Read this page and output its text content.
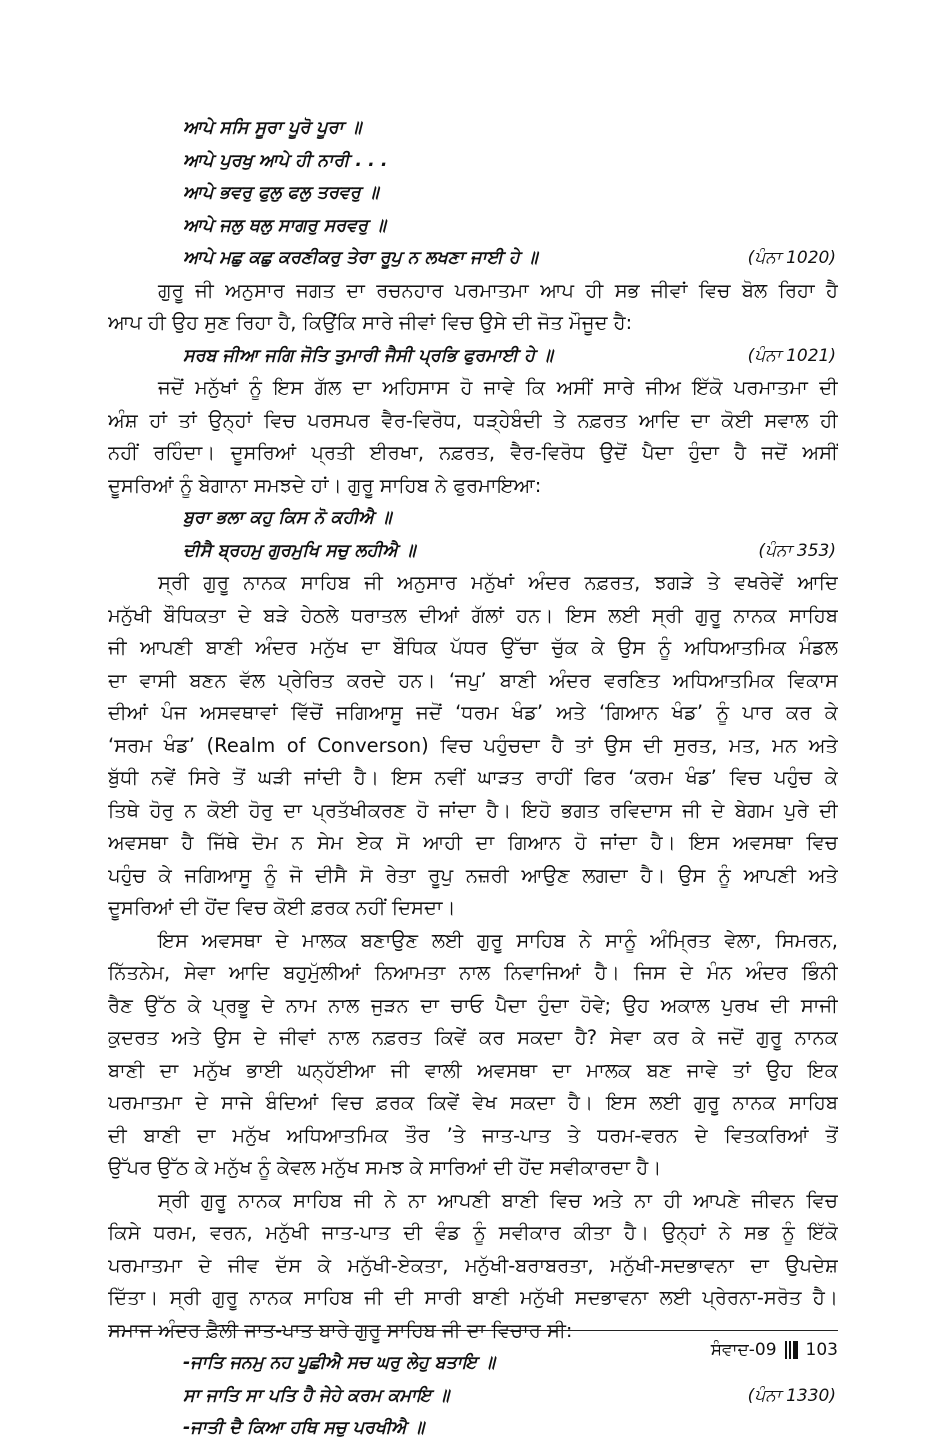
ਆਪੇ ਸਸਿ ਸੂਰਾ ਪੂਰੋ ਪੂਰਾ ॥
ਆਪੇ ਪੁਰਖੁ ਆਪੇ ਹੀ ਨਾਰੀ . . .
ਆਪੇ ਭਵਰੁ ਫੁਲੁ ਫਲੁ ਤਰਵਰੁ ॥
ਆਪੇ ਜਲੁ ਥਲੁ ਸਾਗਰੁ ਸਰਵਰੁ ॥
ਆਪੇ ਮਛੁ ਕਛੁ ਕਰਣੀਕਰੁ ਤੇਰਾ ਰੂਪੁ ਨ ਲਖਣਾ ਜਾਈ ਹੇ ॥	(ਪੰਨਾ 1020)
ਗੁਰੂ ਜੀ ਅਨੁਸਾਰ ਜਗਤ ਦਾ ਰਚਨਹਾਰ ਪਰਮਾਤਮਾ ਆਪ ਹੀ ਸਭ ਜੀਵਾਂ ਵਿਚ ਬੋਲ ਰਿਹਾ ਹੈ
ਆਪ ਹੀ ਉਹ ਸੁਣ ਰਿਹਾ ਹੈ, ਕਿਉਂਕਿ ਸਾਰੇ ਜੀਵਾਂ ਵਿਚ ਉਸੇ ਦੀ ਜੋਤ ਮੌਜੂਦ ਹੈ:
ਸਰਬ ਜੀਆ ਜਗਿ ਜੋਤਿ ਤੁਮਾਰੀ ਜੈਸੀ ਪ੍ਰਭਿ ਫੁਰਮਾਈ ਹੇ ॥	(ਪੰਨਾ 1021)
ਜਦੋਂ ਮਨੁੱਖਾਂ ਨੂੰ ਇਸ ਗੱਲ ਦਾ ਅਹਿਸਾਸ ਹੋ ਜਾਵੇ ਕਿ ਅਸੀਂ ਸਾਰੇ ਜੀਅ ਇੱਕੋ ਪਰਮਾਤਮਾ ਦੀ
ਅੰਸ਼ ਹਾਂ ਤਾਂ ਉਨ੍ਹਾਂ ਵਿਚ ਪਰਸਪਰ ਵੈਰ-ਵਿਰੋਧ, ਧੜ੍ਹੇਬੰਦੀ ਤੇ ਨਫ਼ਰਤ ਆਦਿ ਦਾ ਕੋਈ ਸਵਾਲ ਹੀ
ਨਹੀਂ ਰਹਿੰਦਾ। ਦੂਸਰਿਆਂ ਪ੍ਰਤੀ ਈਰਖਾ, ਨਫ਼ਰਤ, ਵੈਰ-ਵਿਰੋਧ ਉਦੋਂ ਪੈਦਾ ਹੁੰਦਾ ਹੈ ਜਦੋਂ ਅਸੀਂ
ਦੂਸਰਿਆਂ ਨੂੰ ਬੇਗਾਨਾ ਸਮਝਦੇ ਹਾਂ। ਗੁਰੂ ਸਾਹਿਬ ਨੇ ਫੁਰਮਾਇਆ:
ਬੁਰਾ ਭਲਾ ਕਹੁ ਕਿਸ ਨੋ ਕਹੀਐ ॥
ਦੀਸੈ ਬ੍ਰਹਮੁ ਗੁਰਮੁਖਿ ਸਚੁ ਲਹੀਐ ॥	(ਪੰਨਾ 353)
ਸ੍ਰੀ ਗੁਰੂ ਨਾਨਕ ਸਾਹਿਬ ਜੀ ਅਨੁਸਾਰ ਮਨੁੱਖਾਂ ਅੰਦਰ ਨਫ਼ਰਤ, ਝਗੜੇ ਤੇ ਵਖਰੇਵੇਂ ਆਦਿ
ਮਨੁੱਖੀ ਬੌਧਿਕਤਾ ਦੇ ਬੜੇ ਹੇਠਲੇ ਧਰਾਤਲ ਦੀਆਂ ਗੱਲਾਂ ਹਨ। ਇਸ ਲਈ ਸ੍ਰੀ ਗੁਰੂ ਨਾਨਕ ਸਾਹਿਬ
ਜੀ ਆਪਣੀ ਬਾਣੀ ਅੰਦਰ ਮਨੁੱਖ ਦਾ ਬੌਧਿਕ ਪੱਧਰ ਉੱਚਾ ਚੁੱਕ ਕੇ ਉਸ ਨੂੰ ਅਧਿਆਤਮਿਕ ਮੰਡਲ
ਦਾ ਵਾਸੀ ਬਣਨ ਵੱਲ ਪ੍ਰੇਰਿਤ ਕਰਦੇ ਹਨ। ‘ਜਪੁ’ ਬਾਣੀ ਅੰਦਰ ਵਰਣਿਤ ਅਧਿਆਤਮਿਕ ਵਿਕਾਸ
ਦੀਆਂ ਪੰਜ ਅਸਵਥਾਵਾਂ ਵਿੱਚੋਂ ਜਗਿਆਸੂ ਜਦੋਂ ‘ਧਰਮ ਖੰਡ’ ਅਤੇ ‘ਗਿਆਨ ਖੰਡ’ ਨੂੰ ਪਾਰ ਕਰ ਕੇ
‘ਸਰਮ ਖੰਡ’ (Realm of Converson) ਵਿਚ ਪਹੁੰਚਦਾ ਹੈ ਤਾਂ ਉਸ ਦੀ ਸੁਰਤ, ਮਤ, ਮਨ ਅਤੇ
ਬੁੱਧੀ ਨਵੇਂ ਸਿਰੇ ਤੋਂ ਘੜੀ ਜਾਂਦੀ ਹੈ। ਇਸ ਨਵੀਂ ਘਾੜਤ ਰਾਹੀਂ ਫਿਰ ‘ਕਰਮ ਖੰਡ’ ਵਿਚ ਪਹੁੰਚ ਕੇ
ਤਿਥੇ ਹੋਰੁ ਨ ਕੋਈ ਹੋਰੁ ਦਾ ਪ੍ਰਤੱਖੀਕਰਣ ਹੋ ਜਾਂਦਾ ਹੈ। ਇਹੋ ਭਗਤ ਰਵਿਦਾਸ ਜੀ ਦੇ ਬੇਗਮ ਪੁਰੇ ਦੀ
ਅਵਸਥਾ ਹੈ ਜਿੱਥੇ ਦੋਮ ਨ ਸੇਮ ਏਕ ਸੋ ਆਹੀ ਦਾ ਗਿਆਨ ਹੋ ਜਾਂਦਾ ਹੈ। ਇਸ ਅਵਸਥਾ ਵਿਚ
ਪਹੁੰਚ ਕੇ ਜਗਿਆਸੂ ਨੂੰ ਜੋ ਦੀਸੈ ਸੋ ਰੇਤਾ ਰੂਪੁ ਨਜ਼ਰੀ ਆਉਣ ਲਗਦਾ ਹੈ। ਉਸ ਨੂੰ ਆਪਣੀ ਅਤੇ
ਦੂਸਰਿਆਂ ਦੀ ਹੋਂਦ ਵਿਚ ਕੋਈ ਫ਼ਰਕ ਨਹੀਂ ਦਿਸਦਾ।
ਇਸ ਅਵਸਥਾ ਦੇ ਮਾਲਕ ਬਣਾਉਣ ਲਈ ਗੁਰੂ ਸਾਹਿਬ ਨੇ ਸਾਨੂੰ ਅੰਮ੍ਰਿਤ ਵੇਲਾ, ਸਿਮਰਨ,
ਨਿੱਤਨੇਮ, ਸੇਵਾ ਆਦਿ ਬਹੁਮੁੱਲੀਆਂ ਨਿਆਮਤਾ ਨਾਲ ਨਿਵਾਜਿਆਂ ਹੈ। ਜਿਸ ਦੇ ਮੰਨ ਅੰਦਰ ਭਿੰਨੀ
ਰੈਣ ਉੱਠ ਕੇ ਪ੍ਰਭੂ ਦੇ ਨਾਮ ਨਾਲ ਜੁੜਨ ਦਾ ਚਾਓ ਪੈਦਾ ਹੁੰਦਾ ਹੋਵੇ; ਉਹ ਅਕਾਲ ਪੁਰਖ ਦੀ ਸਾਜੀ
ਕੁਦਰਤ ਅਤੇ ਉਸ ਦੇ ਜੀਵਾਂ ਨਾਲ ਨਫ਼ਰਤ ਕਿਵੇਂ ਕਰ ਸਕਦਾ ਹੈ? ਸੇਵਾ ਕਰ ਕੇ ਜਦੋਂ ਗੁਰੂ ਨਾਨਕ
ਬਾਣੀ ਦਾ ਮਨੁੱਖ ਭਾਈ ਘਨ੍ਹੱਈਆ ਜੀ ਵਾਲੀ ਅਵਸਥਾ ਦਾ ਮਾਲਕ ਬਣ ਜਾਵੇ ਤਾਂ ਉਹ ਇਕ
ਪਰਮਾਤਮਾ ਦੇ ਸਾਜੇ ਬੰਦਿਆਂ ਵਿਚ ਫ਼ਰਕ ਕਿਵੇਂ ਵੇਖ ਸਕਦਾ ਹੈ। ਇਸ ਲਈ ਗੁਰੂ ਨਾਨਕ ਸਾਹਿਬ
ਦੀ ਬਾਣੀ ਦਾ ਮਨੁੱਖ ਅਧਿਆਤਮਿਕ ਤੌਰ ’ਤੇ ਜਾਤ-ਪਾਤ ਤੇ ਧਰਮ-ਵਰਨ ਦੇ ਵਿਤਕਰਿਆਂ ਤੋਂ
ਉੱਪਰ ਉੱਠ ਕੇ ਮਨੁੱਖ ਨੂੰ ਕੇਵਲ ਮਨੁੱਖ ਸਮਝ ਕੇ ਸਾਰਿਆਂ ਦੀ ਹੋਂਦ ਸਵੀਕਾਰਦਾ ਹੈ।
ਸ੍ਰੀ ਗੁਰੂ ਨਾਨਕ ਸਾਹਿਬ ਜੀ ਨੇ ਨਾ ਆਪਣੀ ਬਾਣੀ ਵਿਚ ਅਤੇ ਨਾ ਹੀ ਆਪਣੇ ਜੀਵਨ ਵਿਚ
ਕਿਸੇ ਧਰਮ, ਵਰਨ, ਮਨੁੱਖੀ ਜਾਤ-ਪਾਤ ਦੀ ਵੰਡ ਨੂੰ ਸਵੀਕਾਰ ਕੀਤਾ ਹੈ। ਉਨ੍ਹਾਂ ਨੇ ਸਭ ਨੂੰ ਇੱਕੋ
ਪਰਮਾਤਮਾ ਦੇ ਜੀਵ ਦੱਸ ਕੇ ਮਨੁੱਖੀ-ਏਕਤਾ, ਮਨੁੱਖੀ-ਬਰਾਬਰਤਾ, ਮਨੁੱਖੀ-ਸਦਭਾਵਨਾ ਦਾ ਉਪਦੇਸ਼
ਦਿੱਤਾ। ਸ੍ਰੀ ਗੁਰੂ ਨਾਨਕ ਸਾਹਿਬ ਜੀ ਦੀ ਸਾਰੀ ਬਾਣੀ ਮਨੁੱਖੀ ਸਦਭਾਵਨਾ ਲਈ ਪ੍ਰੇਰਨਾ-ਸਰੋਤ ਹੈ।
ਸਮਾਜ ਅੰਦਰ ਫ਼ੈਲੀ ਜਾਤ-ਪਾਤ ਬਾਰੇ ਗੁਰੂ ਸਾਹਿਬ ਜੀ ਦਾ ਵਿਚਾਰ ਸੀ:
-ਜਾਤਿ ਜਨਮੁ ਨਹ ਪੂਛੀਐ ਸਚ ਘਰੁ ਲੇਹੁ ਬਤਾਇ ॥
ਸਾ ਜਾਤਿ ਸਾ ਪਤਿ ਹੈ ਜੇਹੇ ਕਰਮ ਕਮਾਇ ॥	(ਪੰਨਾ 1330)
-ਜਾਤੀ ਦੈ ਕਿਆ ਹਥਿ ਸਚੁ ਪਰਖੀਐ ॥
ਸੰਵਾਦ-09 103
